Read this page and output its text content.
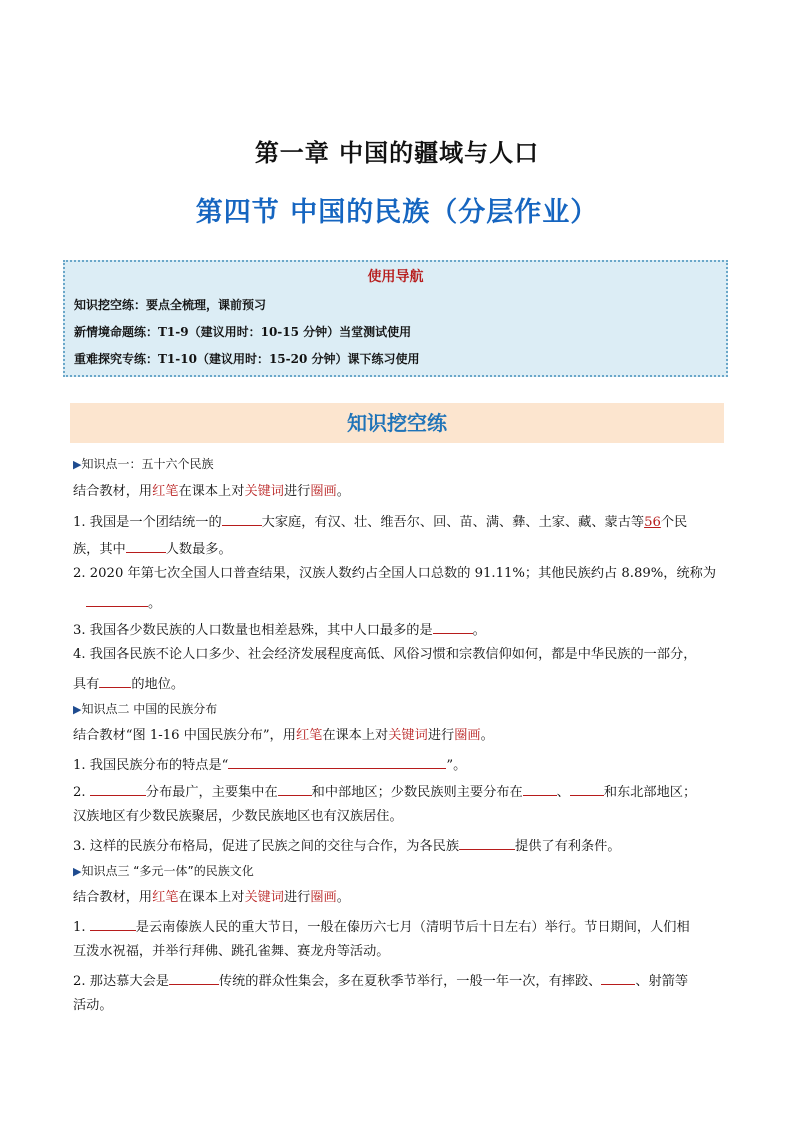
第一章 中国的疆域与人口
第四节 中国的民族（分层作业）
使用导航
知识挖空练：要点全梳理，课前预习
新情境命题练：T1-9（建议用时：10-15 分钟）当堂测试使用
重难探究专练：T1-10（建议用时：15-20 分钟）课下练习使用
知识挖空练
▶知识点一：五十六个民族
结合教材，用红笔在课本上对关键词进行圈画。
1. 我国是一个团结统一的	大家庭，有汉、壮、维吾尔、回、苗、满、彝、土家、藏、蒙古等56个民
族，其中	人数最多。
2. 2020 年第七次全国人口普查结果，汉族人数约占全国人口总数的 91.11%；其他民族约占 8.89%，统称为
。
3. 我国各少数民族的人口数量也相差悬殊，其中人口最多的是	。
4. 我国各民族不论人口多少、社会经济发展程度高低、风俗习惯和宗教信仰如何，都是中华民族的一部分，
具有 的地位。
▶知识点二 中国的民族分布
结合教材“图 1-16 中国民族分布”，用红笔在课本上对关键词进行圈画。
1. 我国民族分布的特点是“	”。
2.	分布最广，主要集中在	和中部地区；少数民族则主要分布在	、	和东北部地区；
汉族地区有少数民族聚居，少数民族地区也有汉族居住。
3. 这样的民族分布格局，促进了民族之间的交往与合作，为各民族	提供了有利条件。
▶知识点三 “多元一体”的民族文化
结合教材，用红笔在课本上对关键词进行圈画。
1.	是云南傣族人民的重大节日，一般在傣历六七月（清明节后十日左右）举行。节日期间，人们相
互泼水祝福，并举行拜佛、跳孔雀舞、赛龙舟等活动。
2. 那达慕大会是	传统的群众性集会，多在夏秋季节举行，一般一年一次，有摔跤、	、射箭等
活动。
